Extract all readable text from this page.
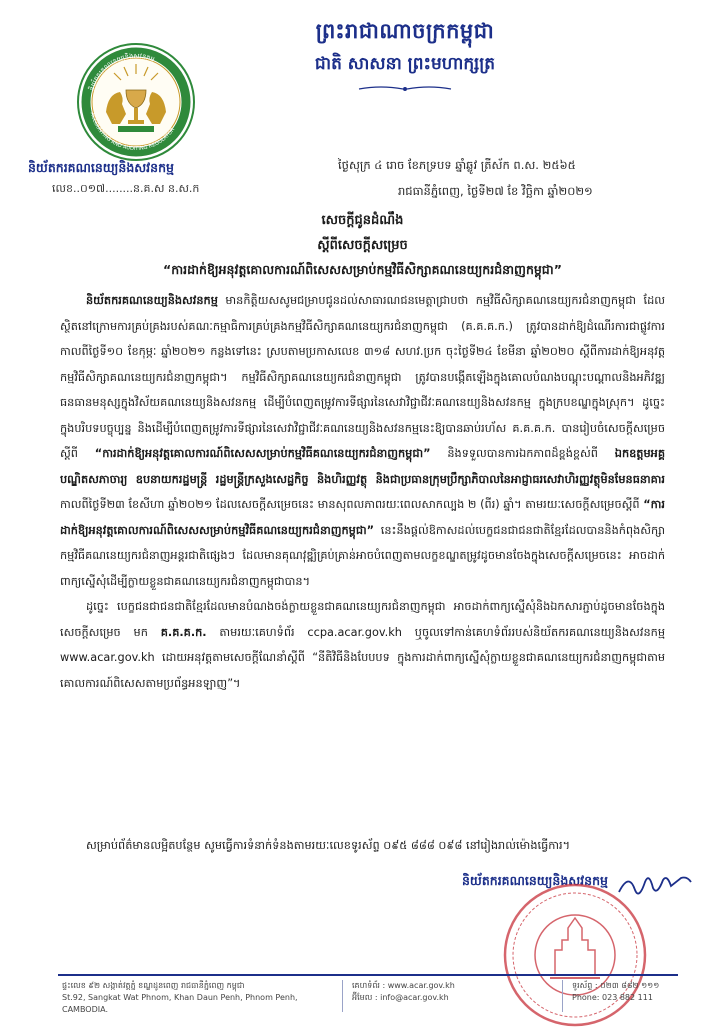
ព្រះរាជាណាចក្រកម្ពុជា
ជាតិ សាសនា ព្រះមហាក្សត្រ
និយ័តករគណនេយ្យនិងសវនកម្ម
ACCOUNTING AND AUDITING REGULATOR
និយ័តករគណនេយ្យនិងសវនកម្ម
លេខ..០១៧........ន.គ.ស ន.ស.ក
ថ្ងៃសុក្រ ៤ រោច ខែភទ្របទ ឆ្នាំឆ្លូវ ត្រីស័ក ព.ស. ២៥៦៥
រាជធានីភ្នំពេញ, ថ្ងៃទី២៧ ខែ វិច្ឆិកា ឆ្នាំ២០២១
សេចក្តីជូនដំណឹង
ស្តីពីសេចក្តីសម្រេច
“ការដាក់ឱ្យអនុវត្តគោលការណ៍ពិសេសសម្រាប់កម្មវិធីសិក្សាគណនេយ្យករជំនាញកម្ពុជា”

និយ័តករគណនេយ្យនិងសវនកម្ម មានកិត្តិយសសូមជម្រាបជូនដល់សាធារណជនមេត្តាជ្រាបថា កម្មវិធីសិក្សាគណនេយ្យករជំនាញកម្ពុជា ដែលស្ថិតនៅក្រោមការគ្រប់គ្រងរបស់គណៈកម្មាធិការគ្រប់គ្រងកម្មវិធីសិក្សាគណនេយ្យករជំនាញកម្ពុជា (គ.គ.គ.ក.) ត្រូវបានដាក់ឱ្យដំណើរការជាផ្លូវការ កាលពីថ្ងៃទី១០ ខែកុម្ភៈ ឆ្នាំ២០២១ កន្លងទៅនេះ ស្របតាមប្រកាសលេខ ៣១៨ សហវ.ប្រក ចុះថ្ងៃទី២៤ ខែមីនា ឆ្នាំ២០២០ ស្តីពីការដាក់ឱ្យអនុវត្តកម្មវិធីសិក្សាគណនេយ្យករជំនាញកម្ពុជា។ កម្មវិធីសិក្សាគណនេយ្យករជំនាញកម្ពុជា ត្រូវបានបង្កើតឡើងក្នុងគោលបំណងបណ្តុះបណ្តាលនិងអភិវឌ្ឍធនធានមនុស្សក្នុងវិស័យគណនេយ្យនិងសវនកម្ម ដើម្បីបំពេញតម្រូវការទីផ្សារនៃសេវាវិជ្ជាជីវៈគណនេយ្យនិងសវនកម្ម ក្នុងក្របខណ្ឌក្នុងស្រុក។ ដូច្នេះ ក្នុងបរិបទបច្ចុប្បន្ន និងដើម្បីបំពេញតម្រូវការទីផ្សារនៃសេវាវិជ្ជាជីវៈគណនេយ្យនិងសវនកម្មនេះឱ្យបានឆាប់រហ័ស គ.គ.គ.ក. បានរៀបចំសេចក្តីសម្រេចស្តីពី “ការដាក់ឱ្យអនុវត្តគោលការណ៍ពិសេសសម្រាប់កម្មវិធីគណនេយ្យករជំនាញកម្ពុជា” និងទទួលបានការឯកភាពដ៏ខ្ពង់ខ្ពស់ពី ឯកឧត្តមអគ្គបណ្ឌិតសភាចារ្យ ឧបនាយករដ្ឋមន្ត្រី រដ្ឋមន្ត្រីក្រសួងសេដ្ឋកិច្ច និងហិរញ្ញវត្ថុ និងជាប្រធានក្រុមប្រឹក្សាភិបាលនៃអាជ្ញាធរសេវាហិរញ្ញវត្ថុមិនមែនធនាគារ កាលពីថ្ងៃទី២៣ ខែសីហា ឆ្នាំ២០២១ ដែលសេចក្តីសម្រេចនេះ មានសុពលភាពរយៈពេលសាកល្បង ២ (ពីរ) ឆ្នាំ។ តាមរយៈសេចក្តីសម្រេចស្តីពី “ការដាក់ឱ្យអនុវត្តគោលការណ៍ពិសេសសម្រាប់កម្មវិធីគណនេយ្យករជំនាញកម្ពុជា” នេះនឹងផ្តល់ឱកាសដល់បេក្ខជនជាជនជាតិខ្មែរដែលបាននិងកំពុងសិក្សាកម្មវិធីគណនេយ្យករជំនាញអន្តរជាតិផ្សេងៗ ដែលមានគុណវុឌ្ឍិគ្រប់គ្រាន់អាចបំពេញតាមលក្ខខណ្ឌតម្រូវដូចមានចែងក្នុងសេចក្តីសម្រេចនេះ អាចដាក់ពាក្យស្នើសុំដើម្បីក្លាយខ្លួនជាគណនេយ្យករជំនាញកម្ពុជាបាន។

ដូច្នេះ បេក្ខជនជាជនជាតិខ្មែរដែលមានបំណងចង់ក្លាយខ្លួនជាគណនេយ្យករជំនាញកម្ពុជា អាចដាក់ពាក្យស្នើសុំនិងឯកសារភ្ជាប់ដូចមានចែងក្នុងសេចក្តីសម្រេច មក គ.គ.គ.ក. តាមរយៈគេហទំព័រ ccpa.acar.gov.kh ឬចូលទៅកាន់គេហទំព័ររបស់និយ័តករគណនេយ្យនិងសវនកម្ម www.acar.gov.kh ដោយអនុវត្តតាមសេចក្តីណែនាំស្តីពី “នីតិវិធីនិងបែបបទ ក្នុងការដាក់ពាក្យស្នើសុំក្លាយខ្លួនជាគណនេយ្យករជំនាញកម្ពុជាតាមគោលការណ៍ពិសេសតាមប្រព័ន្ធអនឡាញ”។

សម្រាប់ព័ត៌មានលម្អិតបន្ថែម សូមធ្វើការទំនាក់ទំនងតាមរយៈលេខទូរស័ព្ទ ០៩៥ ៨៨៨ ០៩៨ នៅរៀងរាល់ម៉ោងធ្វើការ។
និយ័តករគណនេយ្យនិងសវនកម្ម
ផ្ទះលេខ ៩២ សង្កាត់វត្តភ្នំ ខណ្ឌដូនពេញ រាជធានីភ្នំពេញ កម្ពុជា
St.92, Sangkat Wat Phnom, Khan Daun Penh, Phnom Penh, CAMBODIA.
គេហទំព័រ : www.acar.gov.kh
អ៊ីមែល : info@acar.gov.kh
ទូរស័ព្ទ : ០២៣ ៨៨២ ១១១
Phone: 023 882 111
